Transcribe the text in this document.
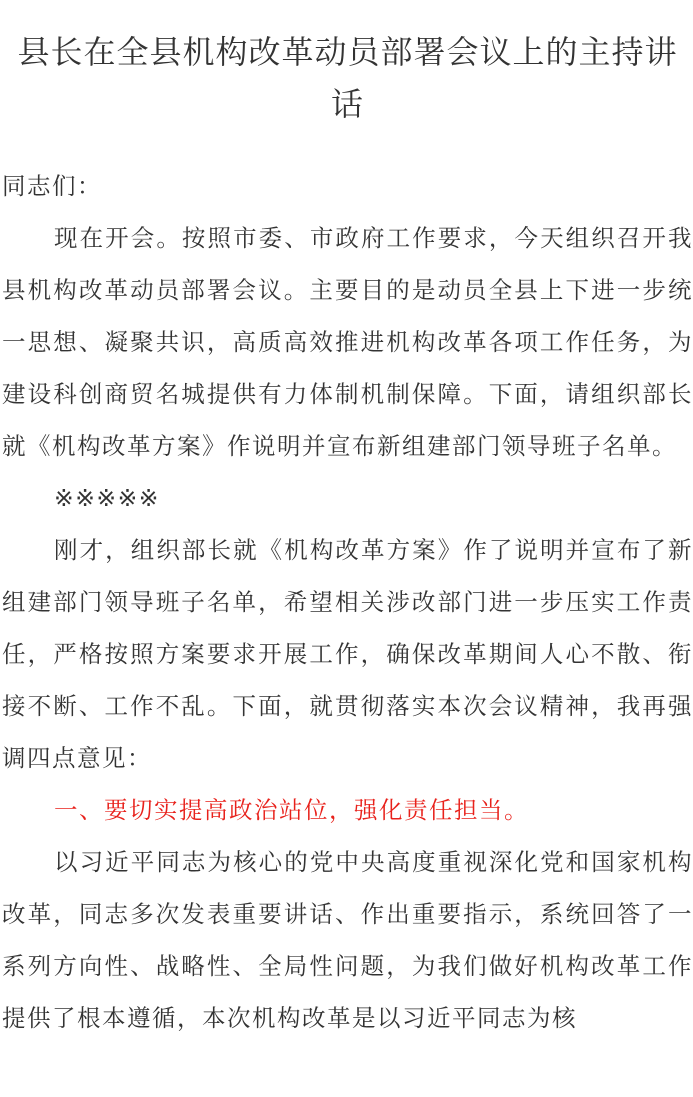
县长在全县机构改革动员部署会议上的主持讲话

同志们：

现在开会。按照市委、市政府工作要求，今天组织召开我县机构改革动员部署会议。主要目的是动员全县上下进一步统一思想、凝聚共识，高质高效推进机构改革各项工作任务，为建设科创商贸名城提供有力体制机制保障。下面，请组织部长就《机构改革方案》作说明并宣布新组建部门领导班子名单。

※※※※※

刚才，组织部长就《机构改革方案》作了说明并宣布了新组建部门领导班子名单，希望相关涉改部门进一步压实工作责任，严格按照方案要求开展工作，确保改革期间人心不散、衔接不断、工作不乱。下面，就贯彻落实本次会议精神，我再强调四点意见：

一、要切实提高政治站位，强化责任担当。

以习近平同志为核心的党中央高度重视深化党和国家机构改革，同志多次发表重要讲话、作出重要指示，系统回答了一系列方向性、战略性、全局性问题，为我们做好机构改革工作提供了根本遵循，本次机构改革是以习近平同志为核
